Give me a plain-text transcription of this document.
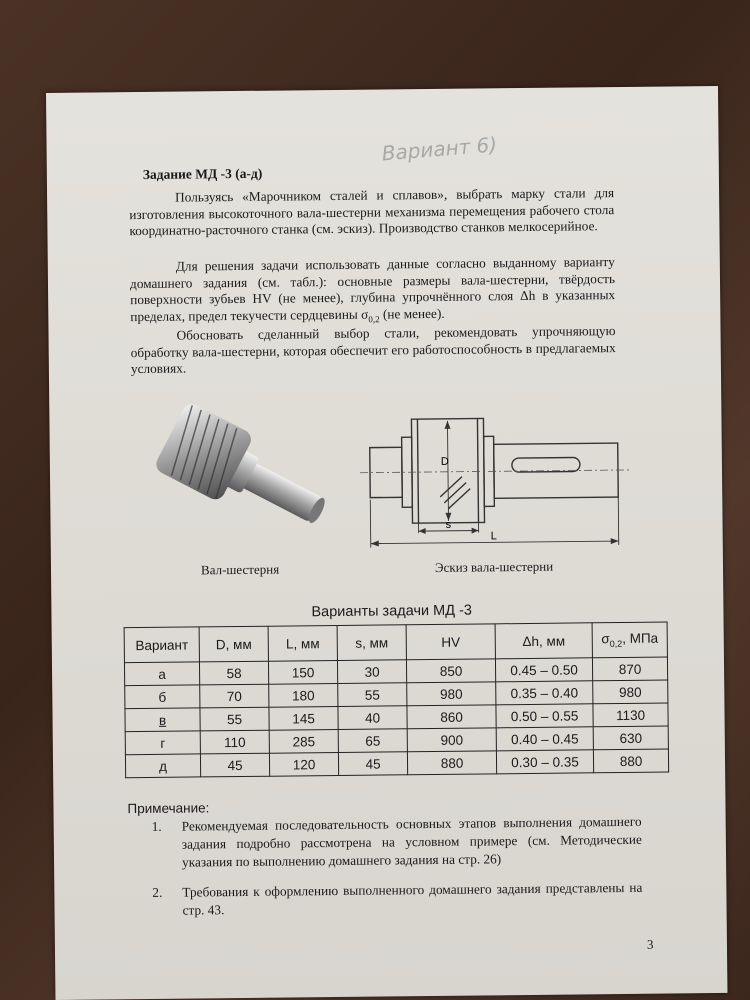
Вариант 6)
Задание МД -3 (а-д)
Пользуясь «Марочником сталей и сплавов», выбрать марку стали для изготовления высокоточного вала-шестерни механизма перемещения рабочего стола координатно-расточного станка (см. эскиз). Производство станков мелкосерийное.
Для решения задачи использовать данные согласно выданному варианту домашнего задания (см. табл.): основные размеры вала-шестерни, твёрдость поверхности зубьев HV (не менее), глубина упрочнённого слоя Δh в указанных пределах, предел текучести сердцевины $\sigma_{0,2}$ (не менее).
Обосновать сделанный выбор стали, рекомендовать упрочняющую обработку вала-шестерни, которая обеспечит его работоспособность в предлагаемых условиях.
D
s
L
Вал-шестерня	Эскиз вала-шестерни
Варианты задачи МД -3
Вариант	D, мм	L, мм	s, мм	HV	Δh, мм	$\sigma_{0,2}$, МПа
а	58	150	30	850	0.45 – 0.50	870
б	70	180	55	980	0.35 – 0.40	980
в	55	145	40	860	0.50 – 0.55	1130
г	110	285	65	900	0.40 – 0.45	630
д	45	120	45	880	0.30 – 0.35	880
Примечание:
1. Рекомендуемая последовательность основных этапов выполнения домашнего задания подробно рассмотрена на условном примере (см. Методические указания по выполнению домашнего задания на стр. 26)
2. Требования к оформлению выполненного домашнего задания представлены на стр. 43.
3
